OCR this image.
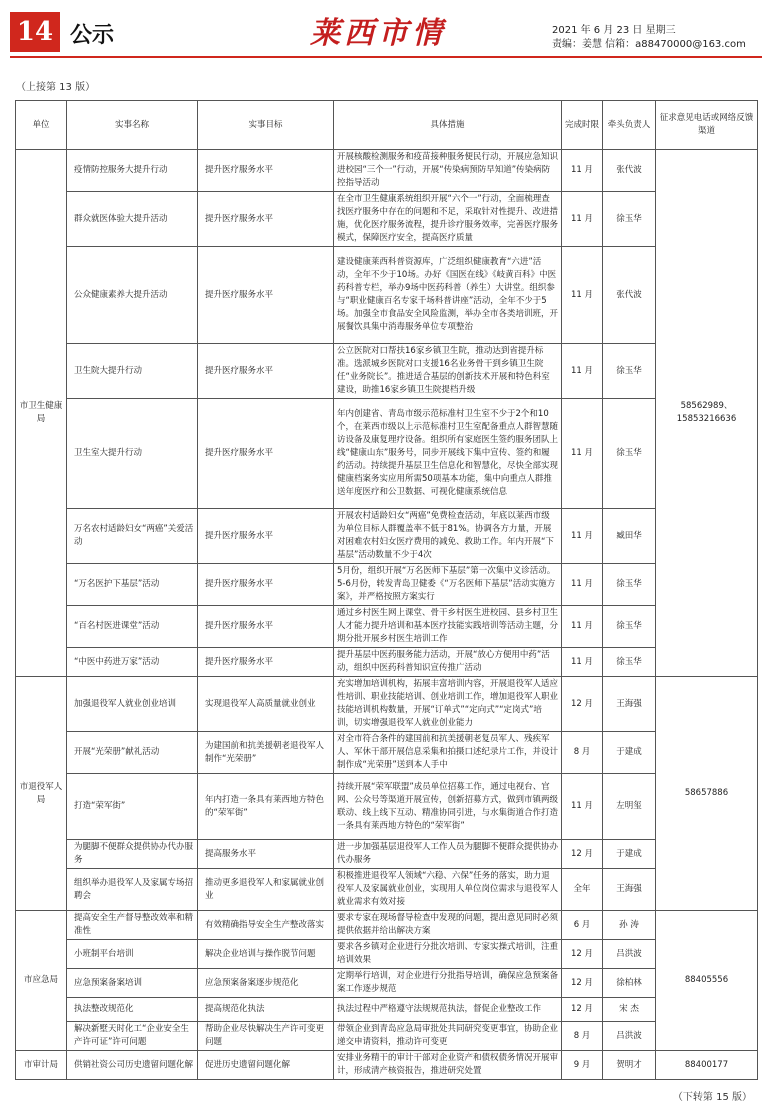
14 公示	莱西市情	2021 年 6 月 23 日 星期三
责编：姜慧 信箱：a88470000@163.com
（上接第 13 版）
单位	实事名称	实事目标	具体措施	完成时限	牵头负责人	征求意见电话或网络反馈渠道
市卫生健康局	疫情防控服务大提升行动	提升医疗服务水平	开展核酸检测服务和疫苗接种服务便民行动，开展应急知识进校园“三个一”行动，开展“传染病预防早知道”传染病防控指导活动	11 月	张代波	58562989、15853216636
	群众就医体验大提升活动	提升医疗服务水平	在全市卫生健康系统组织开展“六个一”行动，全面梳理查找医疗服务中存在的问题和不足，采取针对性提升、改进措施，优化医疗服务流程，提升诊疗服务效率，完善医疗服务模式，保障医疗安全，提高医疗质量	11 月	徐玉华	
	公众健康素养大提升活动	提升医疗服务水平	建设健康莱西科普资源库，广泛组织健康教育“六进”活动，全年不少于10场。办好《国医在线》《岐黄百科》中医药科普专栏，举办9场中医药科普（养生）大讲堂。组织参与“职业健康百名专家千场科普讲座”活动，全年不少于5场。加强全市食品安全风险监测，举办全市各类培训班，开展餐饮具集中消毒服务单位专项整治	11 月	张代波	
	卫生院大提升行动	提升医疗服务水平	公立医院对口帮扶16家乡镇卫生院，推动达到省提升标准。选派城乡医院对口支援16名业务骨干到乡镇卫生院任“业务院长”。推进适合基层的创新技术开展和特色科室建设，助推16家乡镇卫生院提档升级	11 月	徐玉华	
	卫生室大提升行动	提升医疗服务水平	年内创建省、青岛市级示范标准村卫生室不少于2个和10个，在莱西市级以上示范标准村卫生室配备重点人群智慧随访设备及康复理疗设备。组织所有家庭医生签约服务团队上线“健康山东”服务号，同步开展线下集中宣传、签约和履约活动。持续提升基层卫生信息化和智慧化，尽快全部实现健康档案务实应用所需50项基本功能，集中向重点人群推送年度医疗和公卫数据、可视化健康系统信息	11 月	徐玉华	
	万名农村适龄妇女“两癌”关爱活动	提升医疗服务水平	开展农村适龄妇女“两癌”免费检查活动，年底以莱西市级为单位目标人群覆盖率不低于81%。协调各方力量，开展对困难农村妇女医疗费用的减免、救助工作。年内开展“下基层”活动数量不少于4次	11 月	臧田华	
	“万名医护下基层”活动	提升医疗服务水平	5月份，组织开展“万名医师下基层”第一次集中义诊活动。5-6月份，转发青岛卫健委《“万名医师下基层”活动实施方案》，并严格按照方案实行	11 月	徐玉华	
	“百名村医进课堂”活动	提升医疗服务水平	通过乡村医生网上课堂、骨干乡村医生进校园、县乡村卫生人才能力提升培训和基本医疗技能实践培训等活动主题，分期分批开展乡村医生培训工作	11 月	徐玉华	
	“中医中药进万家”活动	提升医疗服务水平	提升基层中医药服务能力活动，开展“放心方便用中药”活动，组织中医药科普知识宣传推广活动	11 月	徐玉华	
市退役军人局	加强退役军人就业创业培训	实现退役军人高质量就业创业	充实增加培训机构，拓展丰富培训内容，开展退役军人适应性培训、职业技能培训、创业培训工作，增加退役军人职业技能培训机构数量，开展“订单式”“定向式”“定岗式”培训，切实增强退役军人就业创业能力	12 月	王海强	58657886
	开展“光荣册”献礼活动	为建国前和抗美援朝老退役军人制作“光荣册”	对全市符合条件的建国前和抗美援朝老复员军人、残疾军人、军休干部开展信息采集和拍摄口述纪录片工作，并设计制作成“光荣册”送到本人手中	8 月	于建成	
	打造“荣军街”	年内打造一条具有莱西地方特色的“荣军街”	持续开展“荣军联盟”成员单位招募工作，通过电视台、官网、公众号等渠道开展宣传，创新招募方式，做到市镇两级联动、线上线下互动、精准协同引进，与水集街道合作打造一条具有莱西地方特色的“荣军街”	11 月	左明玺	
	为腿脚不便群众提供协办代办服务	提高服务水平	进一步加强基层退役军人工作人员为腿脚不便群众提供协办代办服务	12 月	于建成	
	组织举办退役军人及家属专场招聘会	推动更多退役军人和家属就业创业	积极推进退役军人领域“六稳、六保”任务的落实，助力退役军人及家属就业创业，实现用人单位岗位需求与退役军人就业需求有效对接	全年	王海强	
市应急局	提高安全生产督导整改效率和精准性	有效精确指导安全生产整改落实	要求专家在现场督导检查中发现的问题，提出意见同时必须提供依据并给出解决方案	6 月	孙 涛	88405556
	小班制平台培训	解决企业培训与操作脱节问题	要求各乡镇对企业进行分批次培训、专家实操式培训，注重培训效果	12 月	吕洪波	
	应急预案备案培训	应急预案备案逐步规范化	定期举行培训，对企业进行分批指导培训，确保应急预案备案工作逐步规范	12 月	徐柏林	
	执法整改规范化	提高规范化执法	执法过程中严格遵守法规规范执法，督促企业整改工作	12 月	宋 杰	
	解决新墅天时化工“企业安全生产许可证”许可问题	帮助企业尽快解决生产许可变更问题	带领企业到青岛应急局审批处共同研究变更事宜，协助企业递交申请资料，推动许可变更	8 月	吕洪波	
市审计局	供销社资公司历史遗留问题化解	促进历史遗留问题化解	安排业务精干的审计干部对企业资产和债权债务情况开展审计，形成清产核资报告，推进研究处置	9 月	贺明才	88400177
（下转第 15 版）
